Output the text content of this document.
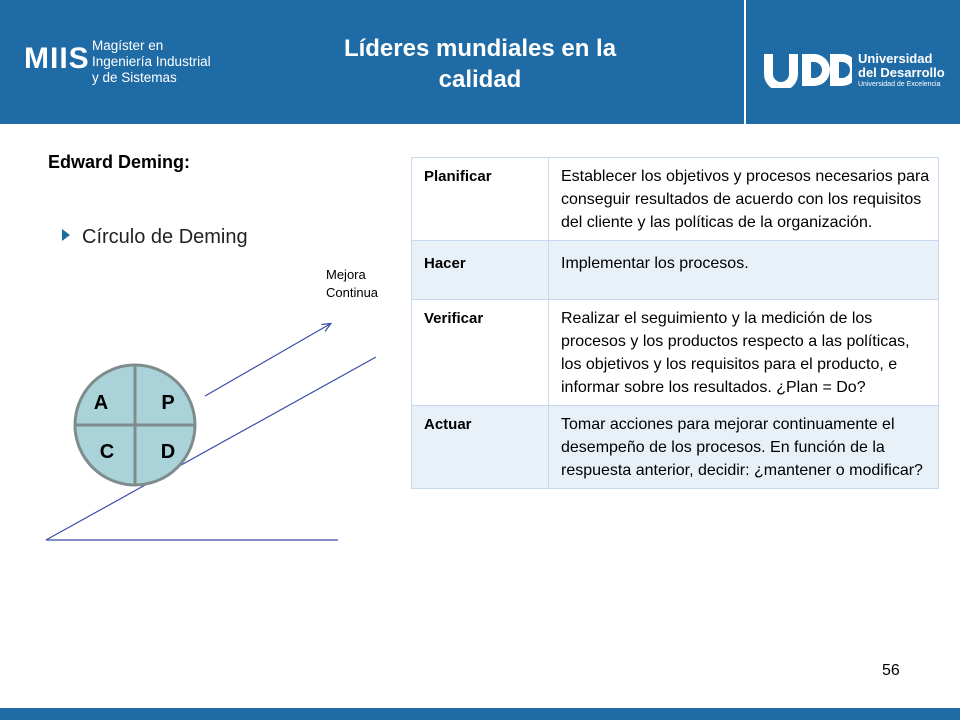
MIIS Magíster en
Ingeniería Industrial
y de Sistemas
Líderes mundiales en la
calidad
Universidad
del Desarrollo
Universidad de Excelencia
Edward Deming:
Círculo de Deming
Mejora
Continua
A	P
C D
Planificar	Establecer los objetivos y procesos necesarios para conseguir resultados de acuerdo con los requisitos del cliente y las políticas de la organización.
Hacer	Implementar los procesos.
Verificar	Realizar el seguimiento y la medición de los procesos y los productos respecto a las políticas, los objetivos y los requisitos para el producto, e informar sobre los resultados. ¿Plan = Do?
Actuar	Tomar acciones para mejorar continuamente el desempeño de los procesos. En función de la respuesta anterior, decidir: ¿mantener o modificar?
56
